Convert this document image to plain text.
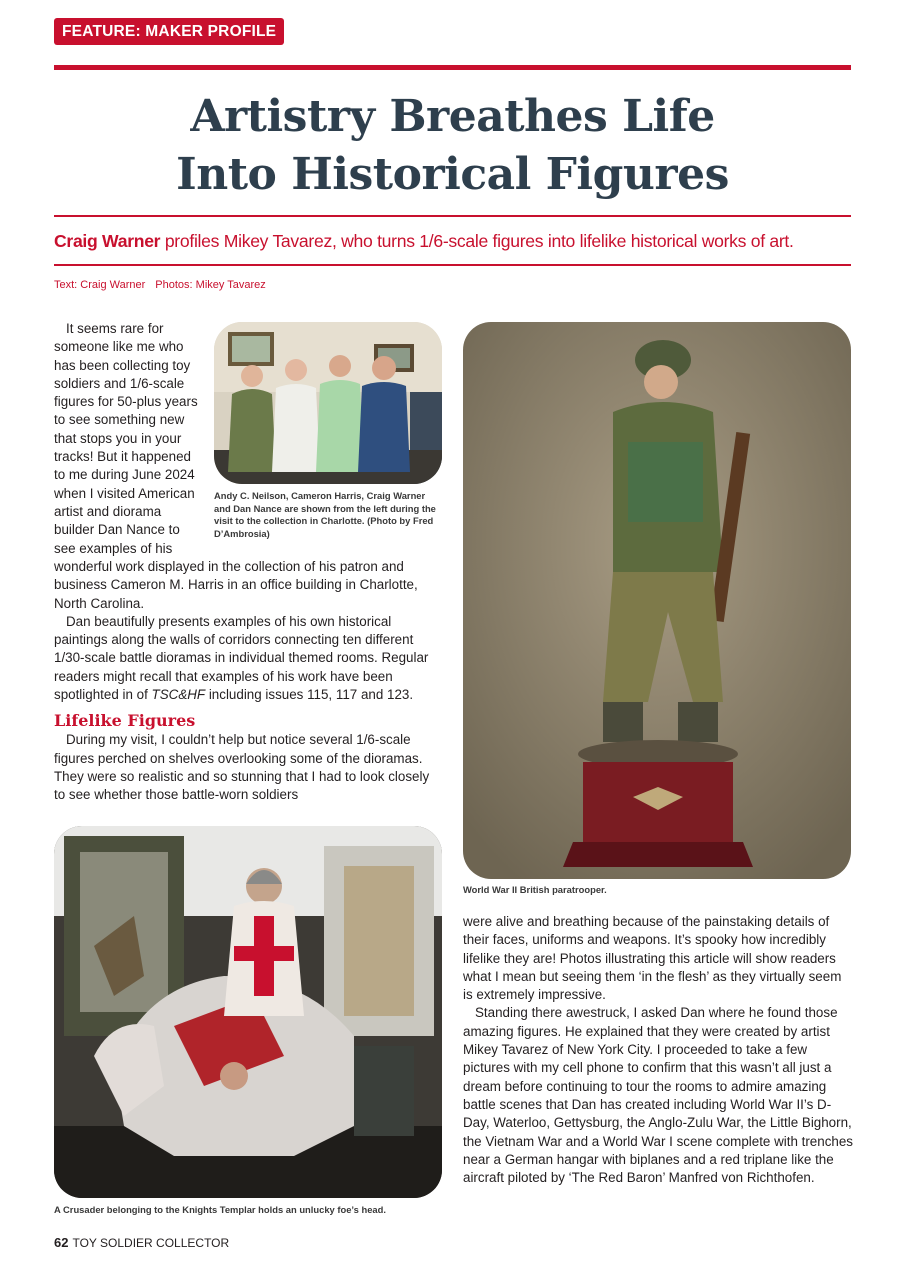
FEATURE: MAKER PROFILE
Artistry Breathes Life
Into Historical Figures
Craig Warner profiles Mikey Tavarez, who turns 1/6-scale figures into lifelike historical works of art.
Text: Craig Warner Photos: Mikey Tavarez
It seems rare for
someone like me who
has been collecting toy
soldiers and 1/6-scale
figures for 50-plus years
to see something new
that stops you in your
tracks! But it happened
to me during June 2024
when I visited American
artist and diorama
builder Dan Nance to
see examples of his
Andy C. Neilson, Cameron Harris, Craig Warner and Dan Nance are shown from the left during the visit to the collection in Charlotte. (Photo by Fred D’Ambrosia)
wonderful work displayed in the collection of his patron and business Cameron M. Harris in an office building in Charlotte, North Carolina.
Dan beautifully presents examples of his own historical paintings along the walls of corridors connecting ten different 1/30-scale battle dioramas in individual themed rooms. Regular readers might recall that examples of his work have been spotlighted in of TSC&HF including issues 115, 117 and 123.
Lifelike Figures
During my visit, I couldn’t help but notice several 1/6-scale figures perched on shelves overlooking some of the dioramas. They were so realistic and so stunning that I had to look closely to see whether those battle-worn soldiers
A Crusader belonging to the Knights Templar holds an unlucky foe’s head.
World War II British paratrooper.
were alive and breathing because of the painstaking details of their faces, uniforms and weapons. It’s spooky how incredibly lifelike they are! Photos illustrating this article will show readers what I mean but seeing them ‘in the flesh’ as they virtually seem is extremely impressive.
Standing there awestruck, I asked Dan where he found those amazing figures. He explained that they were created by artist Mikey Tavarez of New York City. I proceeded to take a few pictures with my cell phone to confirm that this wasn’t all just a dream before continuing to tour the rooms to admire amazing battle scenes that Dan has created including World War II’s D-Day, Waterloo, Gettysburg, the Anglo-Zulu War, the Little Bighorn, the Vietnam War and a World War I scene complete with trenches near a German hangar with biplanes and a red triplane like the aircraft piloted by ‘The Red Baron’ Manfred von Richthofen.
62 TOY SOLDIER COLLECTOR
